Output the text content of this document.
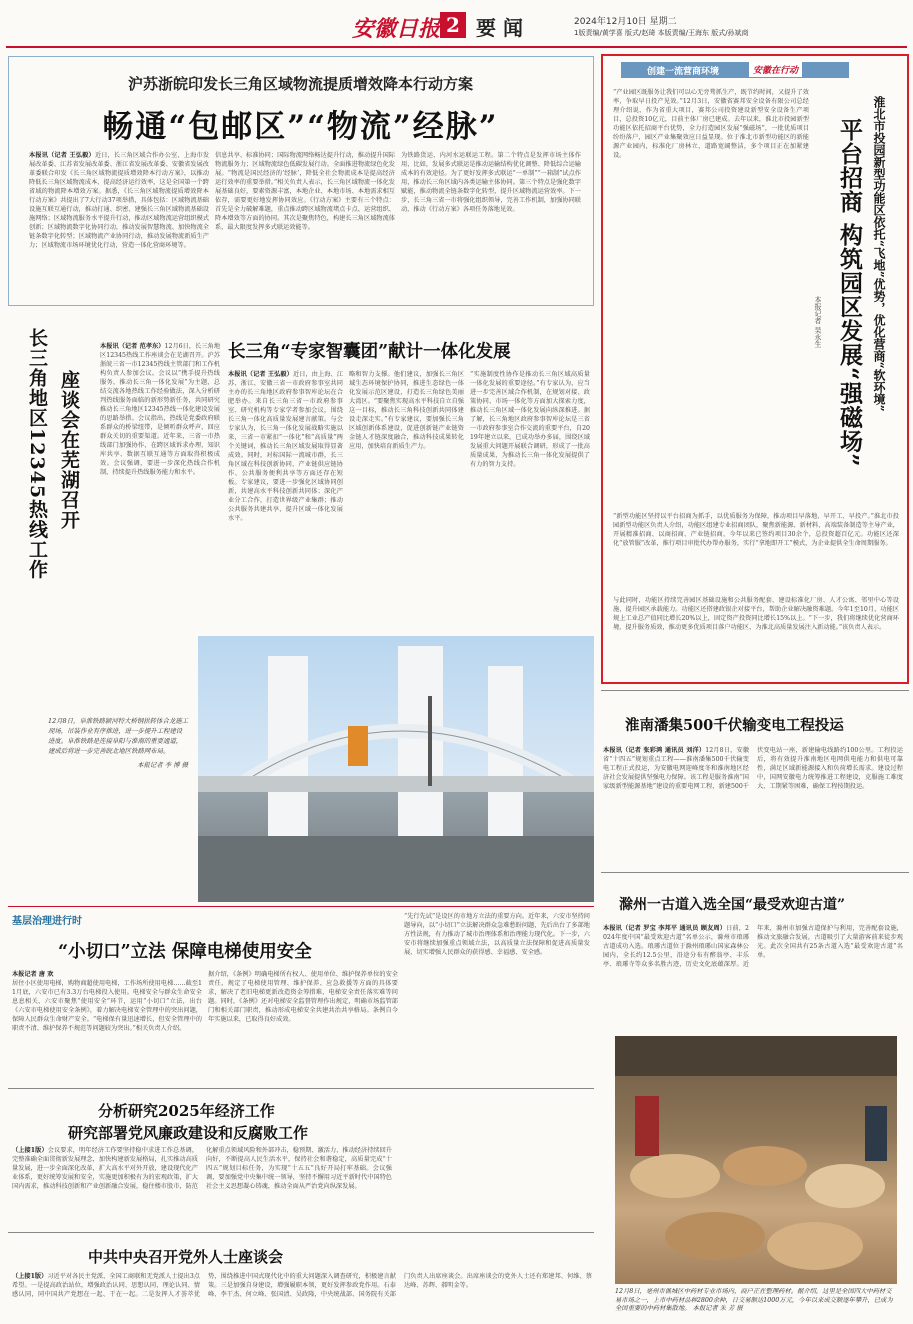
安徽日报 2 要 闻	2024年12月10日 星期二
1版责编/黄学喜 版式/赵琦 本版责编/王海东 版式/孙斌商
沪苏浙皖印发长三角区域物流提质增效降本行动方案
畅通“包邮区”“物流”经脉”
本报讯（记者 王弘毅）近日，长三角区域合作办公室、上海市发展改革委、江苏省发展改革委、浙江省发展改革委、安徽省发展改革委联合印发《长三角区域物流提质增效降本行动方案》，以推动降低长三角区域物流成本、提高经济运行效率，这是全国第一个跨省域的物流降本增效方案。据悉，《长三角区域物流提质增效降本行动方案》共提出了7大行动37项举措，具体包括：区域物流基础设施互联互通行动，推动打通、织密、建强长三角区域物流基础设施网络；区域物流服务水平提升行动，推动区域物流运营组织模式创新；区域物流数字化协同行动，推动发展智慧物流、加快物流全链条数字化转型；区域物流产业协同行动，推动发展物流新质生产力；区域物流市场环境优化行动，营造一体化营商环境等。
信息共享、标准协同；国际物流网络畅达提升行动，推动提升国际物流服务力；区域物流绿色低碳发展行动。全面推进物流绿色化发展。“物流是国民经济的‘经脉’，降低全社会物流成本是提高经济运行效率的重要举措。”相关负责人表示，长三角区域物流一体化发展基础良好，要素资源丰富，本地企业、本地市场、本地需求相互依存，需要更好地发挥协同效应。《行动方案》主要有三个特点：首先是全力破解难题，重点推动跨区域物流堵点卡点、运营组织、降本增效等方面的协同。其次是聚焦特色，构建长三角区域物流体系，最大限度发挥多式联运效能等。
为铁路货运、内河水运联运工程。第二个特点是发挥市场主体作用，比如，发展多式联运是推动运输结构优化调整、降低综合运输成本的有效途径。为了更好发挥多式联运“一单制”“一箱制”试点作用，推动长三角区域内各类运输主体协同。第三个特点是强化数字赋能，推动物流全链条数字化转型，提升区域物流运营效率。下一步，长三角三省一市将强化组织领导，完善工作机制，加强协同联动，推动《行动方案》各项任务落地见效。
座谈会在芜湖召开
长三角地区12345热线工作	本报讯（记者 范孝东）12月6日，长三角地区12345热线工作座谈会在芜湖召开。沪苏浙皖三省一市12345热线主管部门和工作机构负责人参加会议。会议以“携手提升热线服务，推动长三角一体化发展”为主题，总结交流各地热线工作经验做法，深入分析研判热线服务面临的新形势新任务，共同研究推动长三角地区12345热线一体化建设发展的思路举措。会议指出，热线是党委政府联系群众的桥梁纽带，是倾听群众呼声、回应群众关切的重要渠道。近年来，三省一市热线部门加强协作，在跨区域诉求办理、知识库共享、数据互联互通等方面取得积极成效。会议强调，要进一步深化热线合作机制，持续提升热线服务能力和水平。
长三角“专家智囊团”献计一体化发展
本报讯（记者 王弘毅）近日，由上海、江苏、浙江、安徽三省一市政府参事室共同主办的长三角地区政府参事智库论坛在合肥举办。来自长三角三省一市政府参事室、研究机构等专家学者参加会议，围绕长三角一体化高质量发展建言献策。与会专家认为，长三角一体化发展战略实施以来，三省一市紧扣“一体化”和“高质量”两个关键词，推动长三角区域发展取得显著成效。同时，对标国际一流城市群，长三角区域在科技创新协同、产业链供应链协作、公共服务便利共享等方面还存在短板。专家建议，要进一步强化区域协同创新，共建高水平科技创新共同体；深化产业分工合作，打造世界级产业集群；推动公共服务共建共享，提升区域一体化发展水平。
略和智力支撑。他们建议，加强长三角区域生态环境保护协同，推进生态绿色一体化发展示范区建设，打造长三角绿色美丽大湾区。“要聚焦实现高水平科技自立自强这一目标，推动长三角科技创新共同体建设走深走实。”有专家建议，要加强长三角区域创新体系建设，促进创新链产业链资金链人才链深度融合，推动科技成果转化应用，加快培育新质生产力。
“实施制度性协作是推动长三角区域高质量一体化发展的重要途径。”有专家认为，应当进一步完善区域合作机制，在规划对接、政策协同、市场一体化等方面加大探索力度，推动长三角区域一体化发展向纵深推进。据了解，长三角地区政府参事智库论坛是三省一市政府参事室合作交流的重要平台，自2019年建立以来，已成功举办多届，围绕区域发展重大问题开展联合调研，形成了一批高质量成果，为推动长三角一体化发展提供了有力的智力支持。
创建一流营商环境	安徽在行动
淮北市投园新型功能区依托“飞地”优势，优化营商“软环境”
平台招商 构筑园区发展“强磁场”
本报记者 吴永生
“产业园区既服务让我们可以心无旁骛抓生产，既节约时间，又提升了效率，争取早日投产见效。”12月3日，安徽省赛邦安全设备有限公司总经理介绍说，作为省重大项目，赛邦公司投资建设新型安全设备生产项目，总投资10亿元，目前主体厂房已建成。去年以来，淮北市投园新型功能区依托招商平台优势，全力打造园区发展“强磁场”，一批优质项目纷纷落户，园区产业集聚效应日益显现。位于淮北市新型功能区的新能源产业园内，标准化厂房林立，道路宽阔整洁，多个项目正在加紧建设。
“新型功能区坚持以平台招商为抓手，以优质服务为保障，推动项目早落地、早开工、早投产。”淮北市投园新型功能区负责人介绍，功能区组建专业招商团队，聚焦新能源、新材料、高端装备制造等主导产业，开展精准招商、以商招商、产业链招商，今年以来已签约项目30余个，总投资超百亿元。功能区还深化“放管服”改革，推行项目审批代办帮办服务，实行“拿地即开工”模式，为企业提供全生命周期服务。
与此同时，功能区持续完善园区基础设施和公共服务配套，建设标准化厂房、人才公寓、邻里中心等设施，提升园区承载能力。功能区还搭建政银企对接平台，帮助企业解决融资难题。今年1至10月，功能区规上工业总产值同比增长20%以上，固定资产投资同比增长15%以上。“下一步，我们将继续优化营商环境，提升服务质效，推动更多优质项目落户功能区，为淮北高质量发展注入新动能。”该负责人表示。
12月8日，阜淮铁路颍河特大桥钢拱转体合龙施工现场，吊装作业有序推进，进一步提升工程建设进度。阜淮铁路是连接阜阳与淮南的重要通道，建成后将进一步完善皖北地区铁路网布局。

本报记者 李 博 摄
淮南潘集500千伏输变电工程投运
本报讯（记者 张彩鸿 通讯员 刘洋）12月8日，安徽省“十四五”规划重点工程——淮南潘集500千伏输变电工程正式投运，为安徽电网迎峰度冬和淮南地区经济社会发展提供坚强电力保障。该工程是服务淮南“国家级新型能源基地”建设的重要电网工程，新建500千伏变电站一座，新建输电线路约100公里。工程投运后，将有效提升淮南地区电网供电能力和供电可靠性，满足区域新能源接入和负荷增长需求。建设过程中，国网安徽电力统筹推进工程建设，克服施工难度大、工期紧等困难，确保工程按期投运。
滁州一古道入选全国“最受欢迎古道”
本报讯（记者 罗宝 李邦平 通讯员 顾友周）日前，2024年度中国“最受欢迎古道”名单公示，滁州市琅琊古道成功入选。琅琊古道位于滁州琅琊山国家森林公园内，全长约12.5公里，沿途分布有醉翁亭、丰乐亭、琅琊寺等众多名胜古迹，历史文化底蕴深厚。近年来，滁州市加强古道保护与利用，完善配套设施，推动文旅融合发展，古道吸引了大量游客前来徒步观光。此次全国共有25条古道入选“最受欢迎古道”名单。
12月8日，亳州市谯城区中药材专业市场内，商户正在整理药材。据介绍，这里是全国四大中药材交易市场之一，上市中药材品种2800余种，日交易额达1000万元，今年以来成交额逐年攀升，已成为全国重要的中药材集散地。 本报记者 朱 芳 摄
基层治理进行时
“小切口”立法 保障电梯使用安全
本报记者 唐 欢
居住小区使用电梯，购物商超使用电梯，工作场所使用电梯……截至11月底，六安市已有3.3万台电梯投入使用。电梯安全与群众生命安全息息相关，六安市聚焦“使用安全”环节，运用“小切口”立法，出台《六安市电梯使用安全条例》，着力解决电梯安全管理中的突出问题，保障人民群众生命财产安全。“电梯保有量迅速增长，但安全管理中的职责不清、维护保养不规范等问题较为突出。”相关负责人介绍。
据介绍，《条例》明确电梯所有权人、使用单位、维护保养单位的安全责任，规定了电梯使用管理、维护保养、应急救援等方面的具体要求，解决了老旧电梯更新改造资金筹措难、电梯安全责任落实难等问题。同时，《条例》还对电梯安全监督管理作出规定，明确市场监管部门和相关部门职责，推动形成电梯安全共建共治共享格局。条例自今年实施以来，已取得良好成效。
“先行先试”是设区的市地方立法的重要方向。近年来，六安市坚持问题导向，以“小切口”立法解决群众急难愁盼问题，先后出台了多部地方性法规，有力推动了城市治理体系和治理能力现代化。下一步，六安市将继续加强重点领域立法，以高质量立法保障和促进高质量发展，切实增强人民群众的获得感、幸福感、安全感。
分析研究2025年经济工作
研究部署党风廉政建设和反腐败工作
（上接1版）会议要求，明年经济工作要坚持稳中求进工作总基调，完整准确全面贯彻新发展理念，加快构建新发展格局，扎实推动高质量发展，进一步全面深化改革，扩大高水平对外开放，建设现代化产业体系，更好统筹发展和安全，实施更加积极有为的宏观政策，扩大国内需求，推动科技创新和产业创新融合发展，稳住楼市股市，防范化解重点领域风险和外部冲击，稳预期、激活力，推动经济持续回升向好，不断提高人民生活水平，保持社会和谐稳定，高质量完成“十四五”规划目标任务，为实现“十五五”良好开局打牢基础。会议强调，要加强党中央集中统一领导，坚持不懈用习近平新时代中国特色社会主义思想凝心铸魂，推动全面从严治党向纵深发展。
中共中央召开党外人士座谈会
（上接1版）习近平对各民主党派、全国工商联和无党派人士提出3点希望。一是提高政治站位，增强政治认同、思想认同、理论认同、情感认同，同中国共产党想在一起、干在一起。二是发挥人才荟萃优势，围绕推进中国式现代化中的重大问题深入调查研究，积极建言献策。三是加强自身建设，增强履职本领，更好发挥参政党作用。石泰峰、李干杰、何立峰、张国清、吴政隆，中央统战部、国务院有关部门负责人出席座谈会。出席座谈会的党外人士还有郑建邦、何维、蔡达峰、苏辉、郝明金等。
